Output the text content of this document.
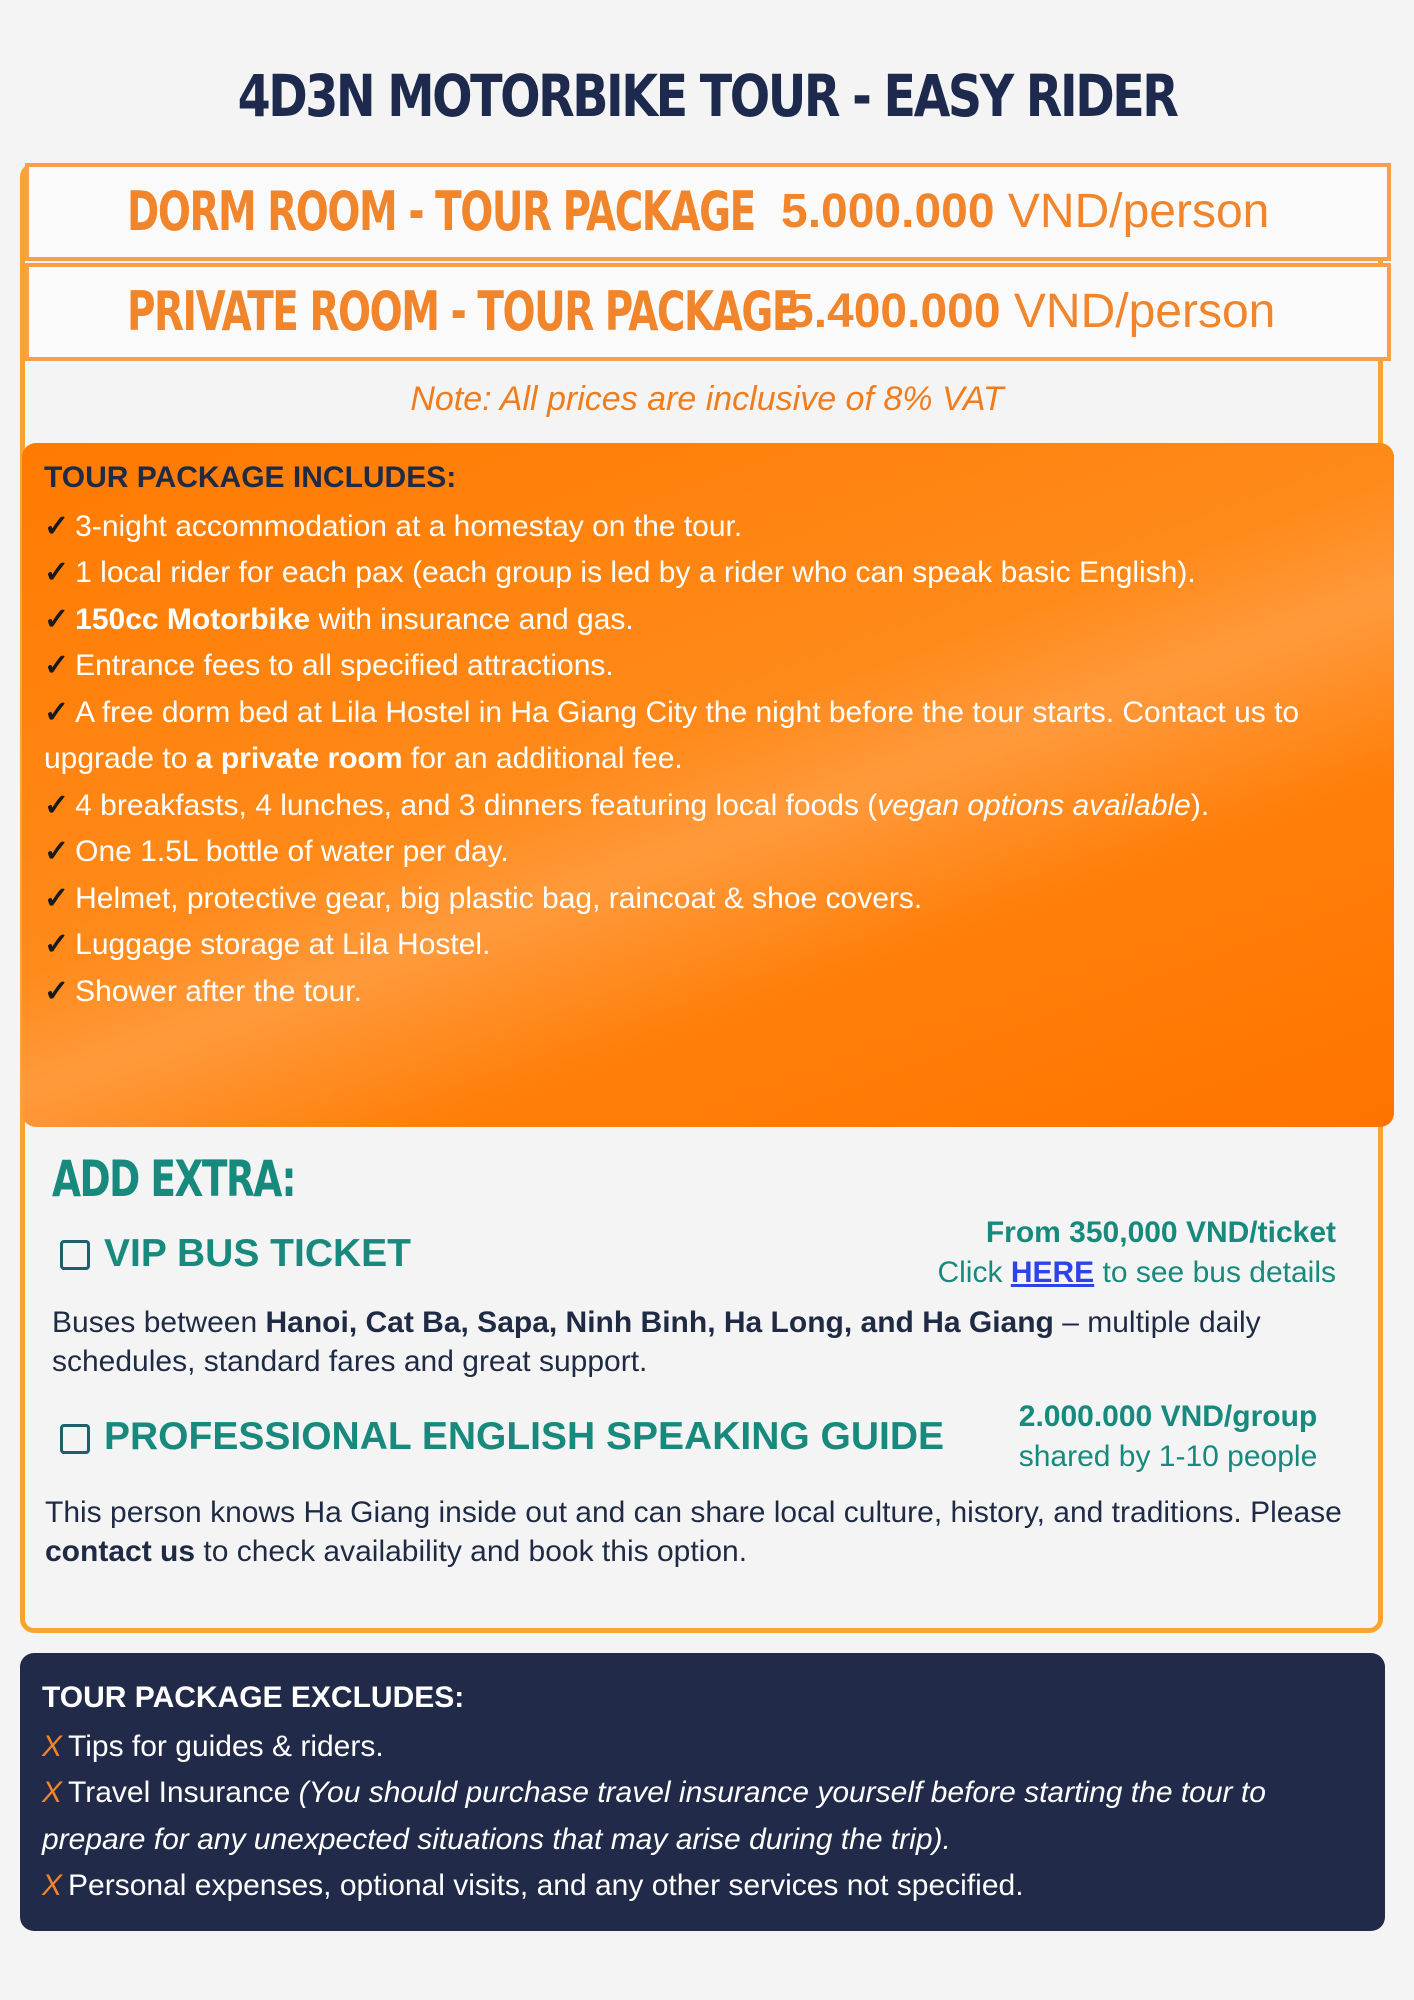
4D3N MOTORBIKE TOUR - EASY RIDER
DORM ROOM - TOUR PACKAGE 5.000.000 VND/person
PRIVATE ROOM - TOUR PACKAGE
5.400.000 VND/person
Note: All prices are inclusive of 8% VAT
TOUR PACKAGE INCLUDES:
✓ 3-night accommodation at a homestay on the tour.
✓ 1 local rider for each pax (each group is led by a rider who can speak basic English).
✓ 150cc Motorbike with insurance and gas.
✓ Entrance fees to all specified attractions.
✓ A free dorm bed at Lila Hostel in Ha Giang City the night before the tour starts. Contact us to upgrade to a private room for an additional fee.
✓ 4 breakfasts, 4 lunches, and 3 dinners featuring local foods (vegan options available).
✓ One 1.5L bottle of water per day.
✓ Helmet, protective gear, big plastic bag, raincoat & shoe covers.
✓ Luggage storage at Lila Hostel.
✓ Shower after the tour.
ADD EXTRA:
VIP BUS TICKET	From 350,000 VND/ticket
Click HERE to see bus details
Buses between Hanoi, Cat Ba, Sapa, Ninh Binh, Ha Long, and Ha Giang – multiple daily schedules, standard fares and great support.
PROFESSIONAL ENGLISH SPEAKING GUIDE	2.000.000 VND/group
shared by 1-10 people
This person knows Ha Giang inside out and can share local culture, history, and traditions. Please contact us to check availability and book this option.
TOUR PACKAGE EXCLUDES:
X Tips for guides & riders.
X Travel Insurance (You should purchase travel insurance yourself before starting the tour to prepare for any unexpected situations that may arise during the trip).
X Personal expenses, optional visits, and any other services not specified.
